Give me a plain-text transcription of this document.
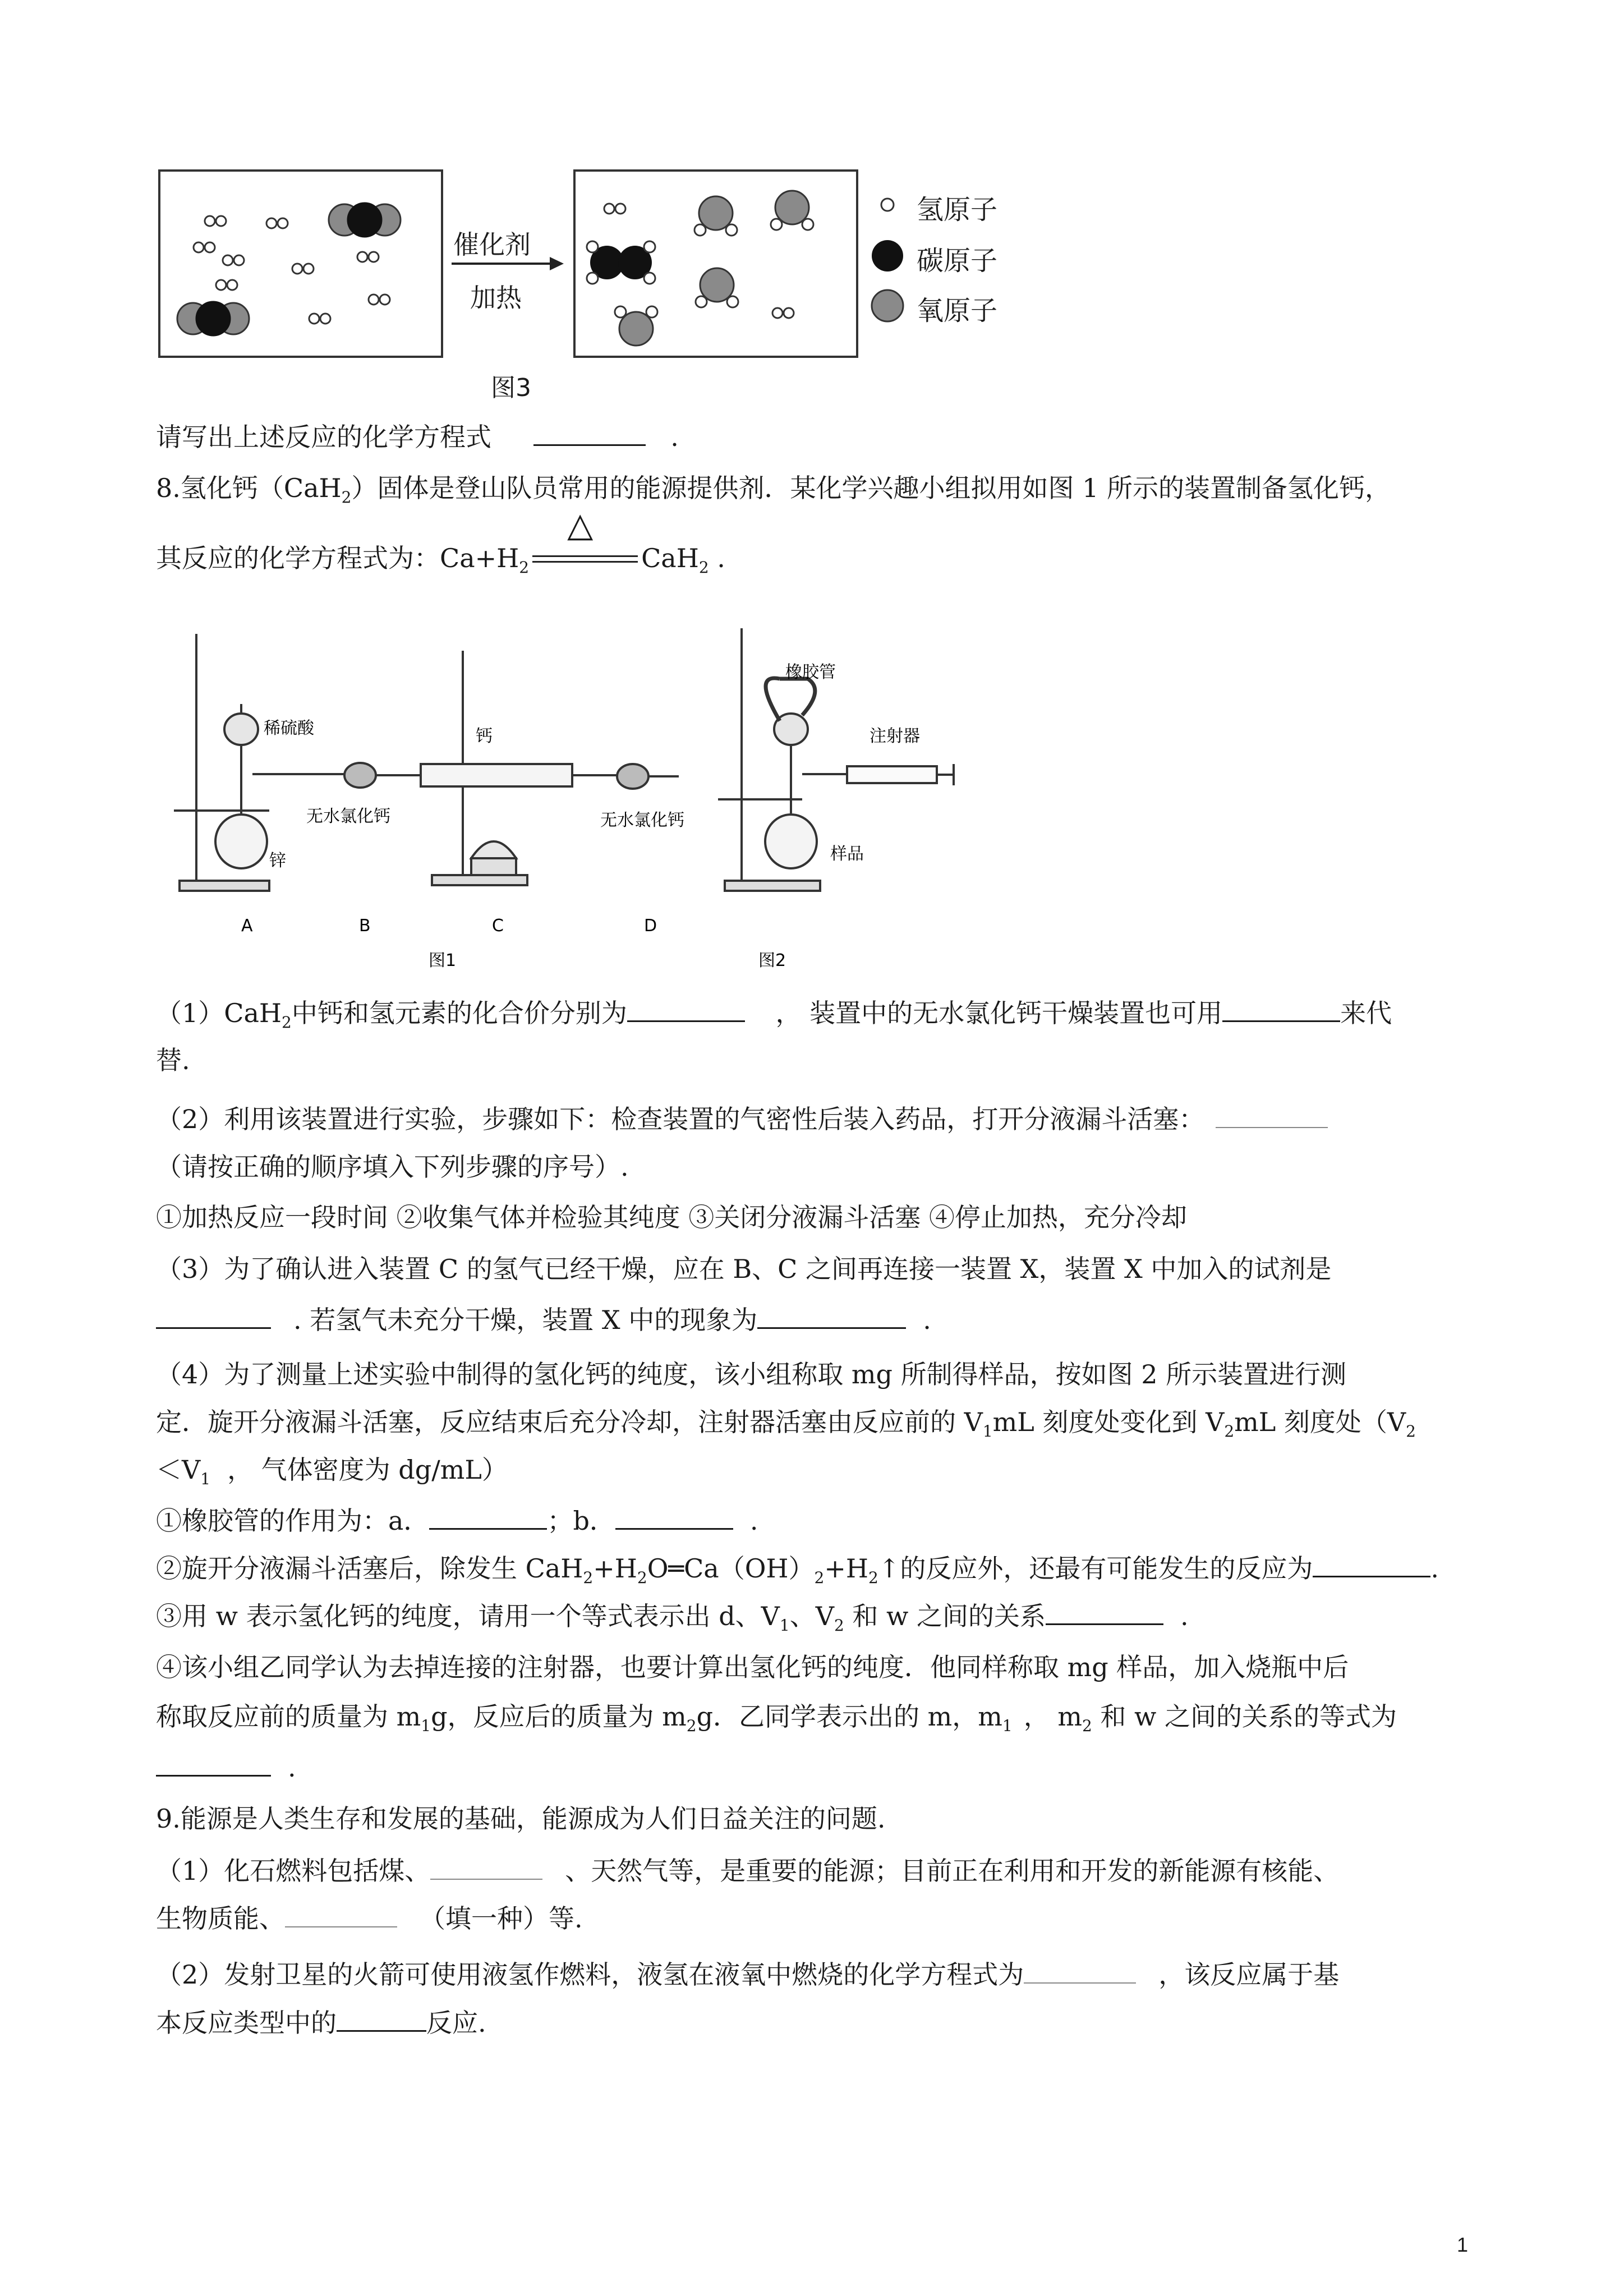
催化剂
加热
氢原子
碳原子
氧原子
图3
请写出上述反应的化学方程式	.
8.氢化钙（CaH$_2$）固体是登山队员常用的能源提供剂．某化学兴趣小组拟用如图 1 所示的装置制备氢化钙，
其反应的化学方程式为：$Ca+H_2$
△
CaH$_2$ .
稀硫酸
锌
无水氯化钙
钙
无水氯化钙
橡胶管
注射器
样品
A	B	C	D
图1	图2
（1）CaH$_2$中钙和氢元素的化合价分别为	， 装置中的无水氯化钙干燥装置也可用	来代
替.
（2）利用该装置进行实验，步骤如下：检查装置的气密性后装入药品，打开分液漏斗活塞：
（请按正确的顺序填入下列步骤的序号）.
①加热反应一段时间 ②收集气体并检验其纯度 ③关闭分液漏斗活塞 ④停止加热，充分冷却
（3）为了确认进入装置 C 的氢气已经干燥，应在 B、C 之间再连接一装置 X，装置 X 中加入的试剂是
. 若氢气未充分干燥，装置 X 中的现象为	.
（4）为了测量上述实验中制得的氢化钙的纯度，该小组称取 mg 所制得样品，按如图 2 所示装置进行测
定．旋开分液漏斗活塞，反应结束后充分冷却，注射器活塞由反应前的 $V_1mL$ 刻度处变化到 $V_2mL$ 刻度处（$V_2$
$<V_1$ ， 气体密度为 dg/mL）
①橡胶管的作用为：a．	；b．	.
②旋开分液漏斗活塞后，除发生 $CaH_2+H_2O═Ca(OH)_2+H_2↑$的反应外，还最有可能发生的反应为	.
③用 w 表示氢化钙的纯度，请用一个等式表示出 d、$V_1$、$V_2$ 和 w 之间的关系	.
④该小组乙同学认为去掉连接的注射器，也要计算出氢化钙的纯度．他同样称取 mg 样品，加入烧瓶中后
称取反应前的质量为 $m_1g$，反应后的质量为 $m_2g$．乙同学表示出的 m，$m_1$ ， $m_2$ 和 w 之间的关系的等式为
.
9.能源是人类生存和发展的基础，能源成为人们日益关注的问题.
（1）化石燃料包括煤、	、天然气等，是重要的能源；目前正在利用和开发的新能源有核能、
生物质能、	（填一种）等.
（2）发射卫星的火箭可使用液氢作燃料，液氢在液氧中燃烧的化学方程式为	，该反应属于基
本反应类型中的	反应.
1
